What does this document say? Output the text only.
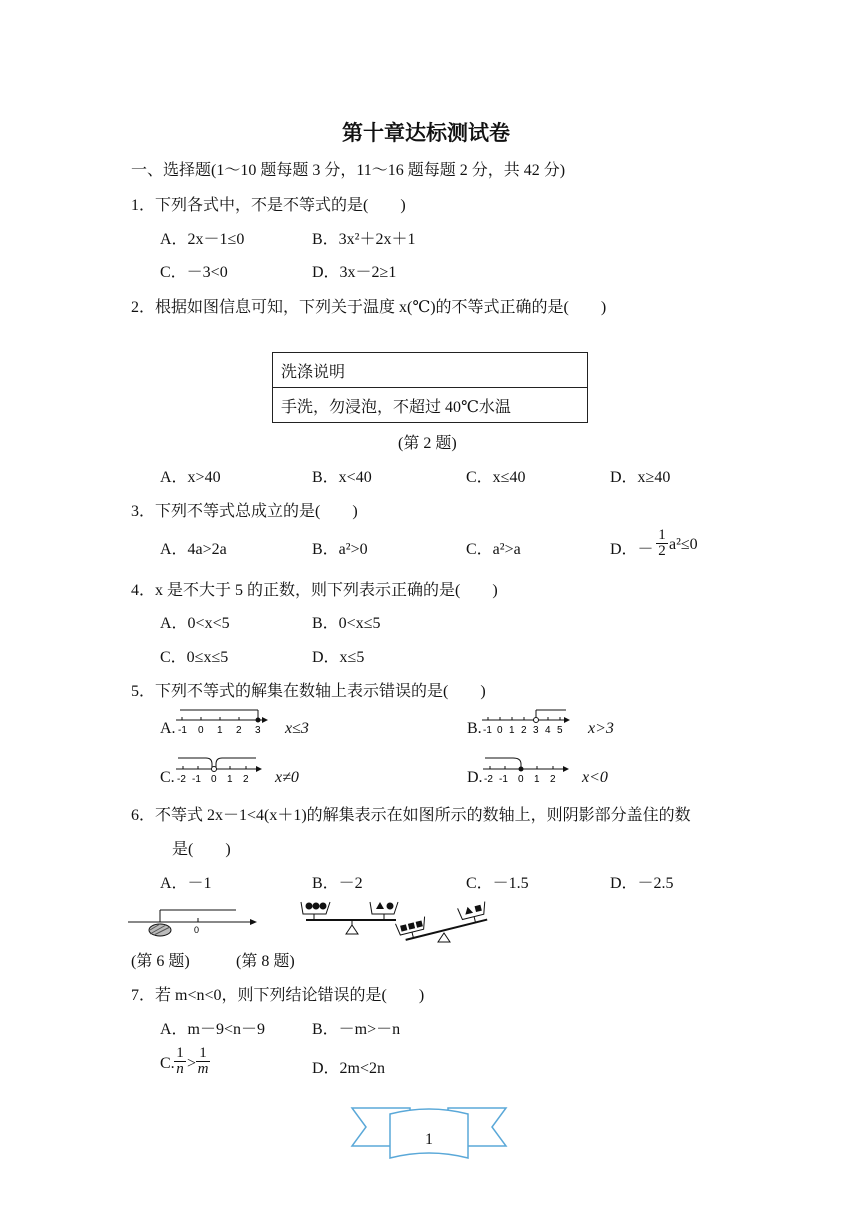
第十章达标测试卷
一、选择题(1～10 题每题 3 分，11～16 题每题 2 分，共 42 分)
1．下列各式中，不是不等式的是(　　)
A．2x－1≤0	B．3x²＋2x＋1
C．－3<0	D．3x－2≥1
2．根据如图信息可知，下列关于温度 x(℃)的不等式正确的是(　　)
洗涤说明
手洗，勿浸泡，不超过 40℃水温
(第 2 题)
A．x>40	B．x<40	C．x≤40	D．x≥40
3．下列不等式总成立的是(　　)
A．4a>2a	B．a²>0	C．a²>a	D．－ $\frac{1}{2} a^2\le 0$
4．x 是不大于 5 的正数，则下列表示正确的是(　　)
A．0<x<5	B．0<x≤5
C．0≤x≤5	D．x≤5
5．下列不等式的解集在数轴上表示错误的是(　　)
A. -1 0 1 2 3 x≤3	B. -1 0 1 2 3 4 5 x>3
C. -2 -1 0 1 2 x≠0	D. -2 -1 0 1 2 x<0
6．不等式 2x－1<4(x＋1)的解集表示在如图所示的数轴上，则阴影部分盖住的数
是(　　)
A．－1	B．－2	C．－1.5	D．－2.5
0
(第 6 题)	(第 8 题)
7．若 m<n<0，则下列结论错误的是(　　)
A．m－9<n－9	B．－m>－n
C. $\frac{1}{n} > \frac{1}{m}$	D．2m<2n
1
